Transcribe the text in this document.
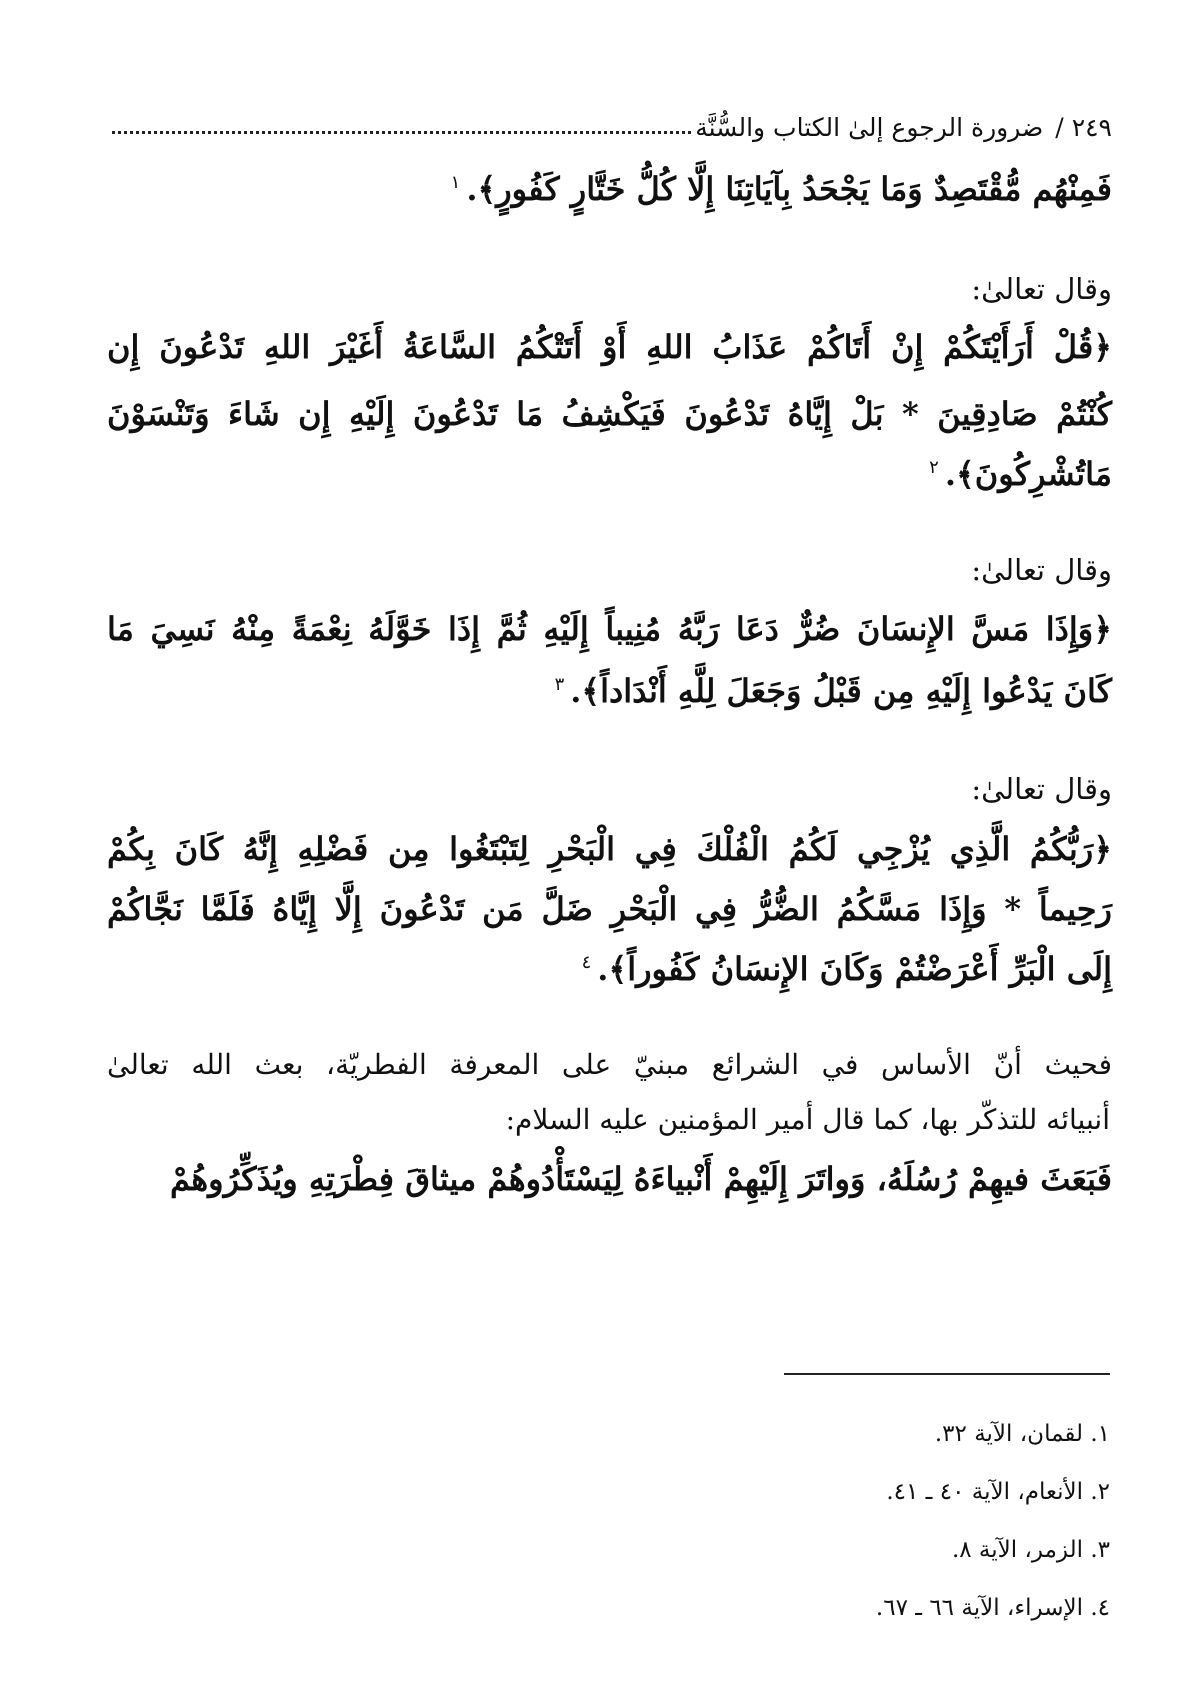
٢٤٩
/
ضرورة الرجوع إلىٰ الكتاب والسُّنَّة
فَمِنْهُم مُّقْتَصِدٌ وَمَا يَجْحَدُ بِآيَاتِنَا إِلَّا كُلُّ خَتَّارٍ كَفُورٍ﴾.$^١$
وقال تعالىٰ:
﴿قُلْ أَرَأَيْتَكُمْ إِنْ أَتَاكُمْ عَذَابُ اللهِ أَوْ أَتَتْكُمُ السَّاعَةُ أَغَيْرَ اللهِ تَدْعُونَ إِن
كُنْتُمْ صَادِقِينَ * بَلْ إِيَّاهُ تَدْعُونَ فَيَكْشِفُ مَا تَدْعُونَ إِلَيْهِ إِن شَاءَ وَتَنْسَوْنَ
مَاتُشْرِكُونَ﴾.$^٢$
وقال تعالىٰ:
﴿وَإِذَا مَسَّ الإِنسَانَ ضُرٌّ دَعَا رَبَّهُ مُنِيباً إِلَيْهِ ثُمَّ إِذَا خَوَّلَهُ نِعْمَةً مِنْهُ نَسِيَ مَا
كَانَ يَدْعُوا إِلَيْهِ مِن قَبْلُ وَجَعَلَ لِلَّهِ أَنْدَاداً﴾.$^٣$
وقال تعالىٰ:
﴿رَبُّكُمُ الَّذِي يُزْجِي لَكُمُ الْفُلْكَ فِي الْبَحْرِ لِتَبْتَغُوا مِن فَضْلِهِ إِنَّهُ كَانَ بِكُمْ
رَحِيماً * وَإِذَا مَسَّكُمُ الضُّرُّ فِي الْبَحْرِ ضَلَّ مَن تَدْعُونَ إِلَّا إِيَّاهُ فَلَمَّا نَجَّاكُمْ
إِلَى الْبَرِّ أَعْرَضْتُمْ وَكَانَ الإِنسَانُ كَفُوراً﴾.$^٤$
فحيث أنّ الأساس في الشرائع مبنيّ على المعرفة الفطريّة، بعث الله تعالىٰ
أنبيائه للتذكّر بها، كما قال أمير المؤمنين عليه السلام:
فَبَعَثَ فيهِمْ رُسُلَهُ، وَواتَرَ إِلَيْهِمْ أَنْبياءَهُ لِيَسْتَأْدُوهُمْ ميثاقَ فِطْرَتِهِ ويُذَكِّرُوهُمْ
١. لقمان، الآية ٣٢.
٢. الأنعام، الآية ٤٠ ـ ٤١.
٣. الزمر، الآية ٨.
٤. الإسراء، الآية ٦٦ ـ ٦٧.
